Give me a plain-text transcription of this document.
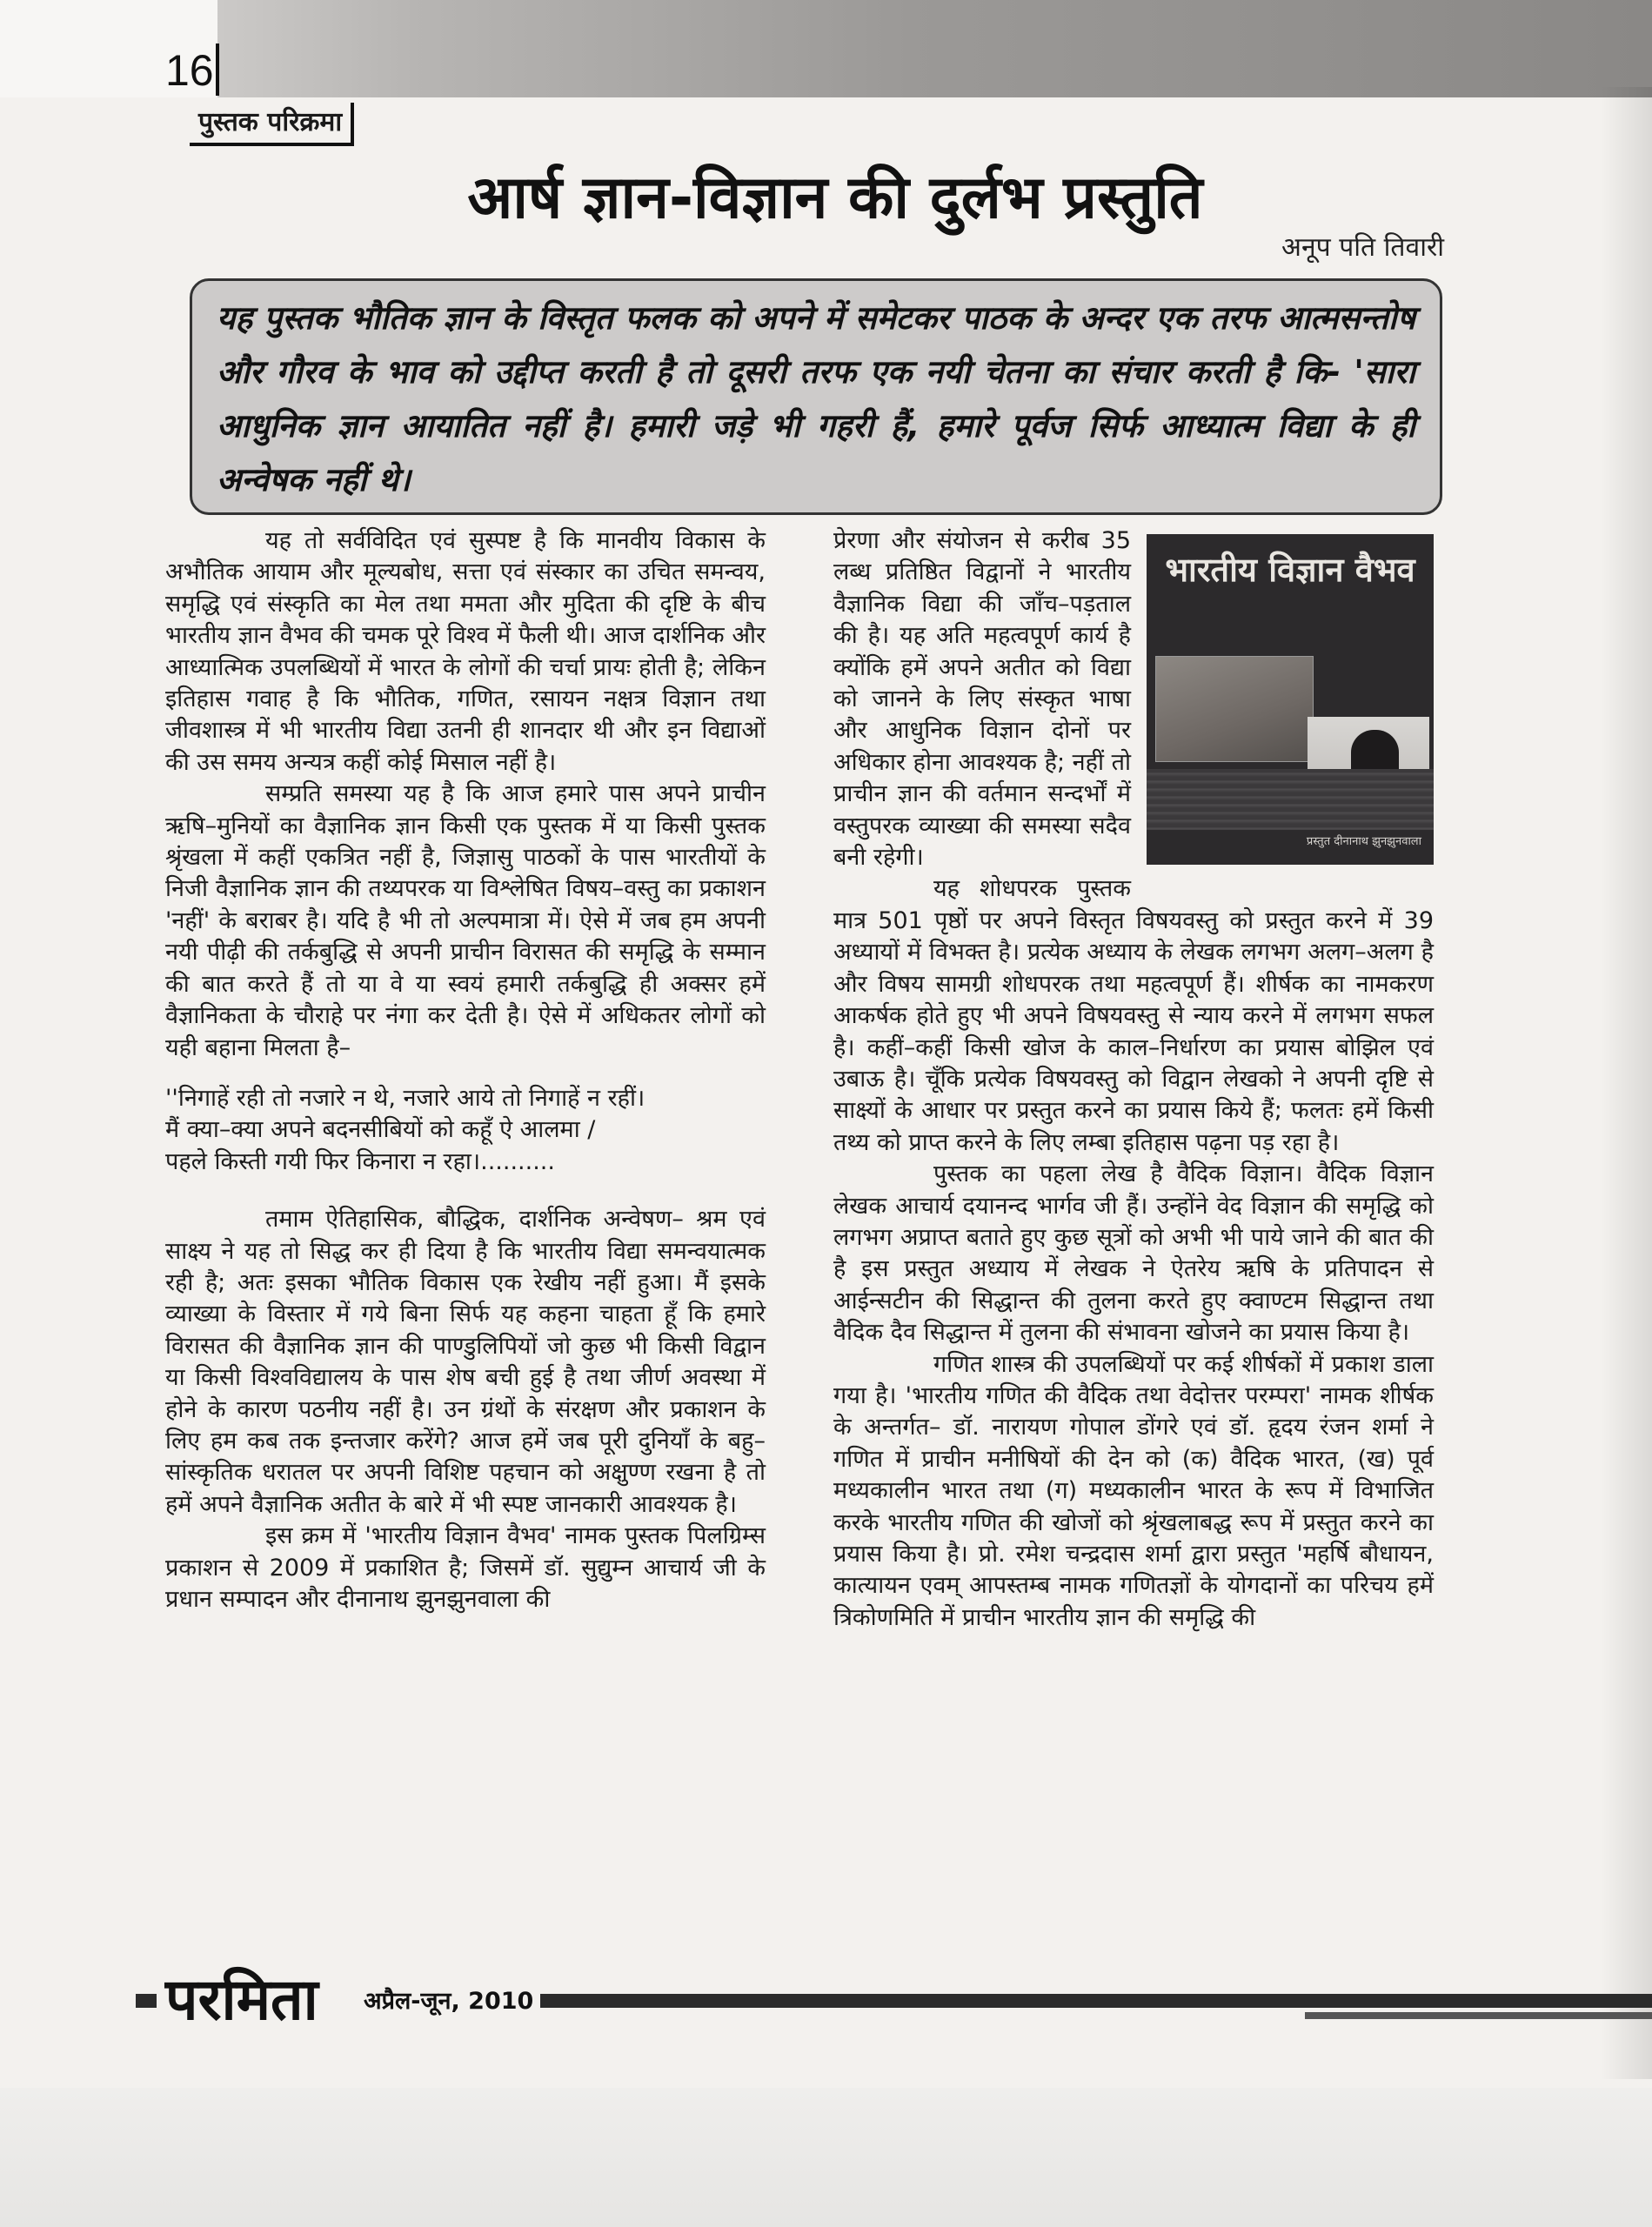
16
पुस्तक परिक्रमा
आर्ष ज्ञान-विज्ञान की दुर्लभ प्रस्तुति
अनूप पति तिवारी

यह पुस्तक भौतिक ज्ञान के विस्तृत फलक को अपने में समेटकर पाठक के अन्दर एक तरफ आत्मसन्तोष और गौरव के भाव को उद्दीप्त करती है तो दूसरी तरफ एक नयी चेतना का संचार करती है कि- 'सारा आधुनिक ज्ञान आयातित नहीं है। हमारी जड़े भी गहरी हैं, हमारे पूर्वज सिर्फ आध्यात्म विद्या के ही अन्वेषक नहीं थे।

यह तो सर्वविदित एवं सुस्पष्ट है कि मानवीय विकास के अभौतिक आयाम और मूल्यबोध, सत्ता एवं संस्कार का उचित समन्वय, समृद्धि एवं संस्कृति का मेल तथा ममता और मुदिता की दृष्टि के बीच भारतीय ज्ञान वैभव की चमक पूरे विश्व में फैली थी। आज दार्शनिक और आध्यात्मिक उपलब्धियों में भारत के लोगों की चर्चा प्रायः होती है; लेकिन इतिहास गवाह है कि भौतिक, गणित, रसायन नक्षत्र विज्ञान तथा जीवशास्त्र में भी भारतीय विद्या उतनी ही शानदार थी और इन विद्याओं की उस समय अन्यत्र कहीं कोई मिसाल नहीं है।

सम्प्रति समस्या यह है कि आज हमारे पास अपने प्राचीन ऋषि–मुनियों का वैज्ञानिक ज्ञान किसी एक पुस्तक में या किसी पुस्तक श्रृंखला में कहीं एकत्रित नहीं है, जिज्ञासु पाठकों के पास भारतीयों के निजी वैज्ञानिक ज्ञान की तथ्यपरक या विश्लेषित विषय–वस्तु का प्रकाशन 'नहीं' के बराबर है। यदि है भी तो अल्पमात्रा में। ऐसे में जब हम अपनी नयी पीढ़ी की तर्कबुद्धि से अपनी प्राचीन विरासत की समृद्धि के सम्मान की बात करते हैं तो या वे या स्वयं हमारी तर्कबुद्धि ही अक्सर हमें वैज्ञानिकता के चौराहे पर नंगा कर देती है। ऐसे में अधिकतर लोगों को यही बहाना मिलता है–

''निगाहें रही तो नजारे न थे, नजारे आये तो निगाहें न रहीं।
मैं क्या–क्या अपने बदनसीबियों को कहूँ ऐ आलमा /
पहले किस्ती गयी फिर किनारा न रहा।..........

तमाम ऐतिहासिक, बौद्धिक, दार्शनिक अन्वेषण– श्रम एवं साक्ष्य ने यह तो सिद्ध कर ही दिया है कि भारतीय विद्या समन्वयात्मक रही है; अतः इसका भौतिक विकास एक रेखीय नहीं हुआ। मैं इसके व्याख्या के विस्तार में गये बिना सिर्फ यह कहना चाहता हूँ कि हमारे विरासत की वैज्ञानिक ज्ञान की पाण्डुलिपियों जो कुछ भी किसी विद्वान या किसी विश्वविद्यालय के पास शेष बची हुई है तथा जीर्ण अवस्था में होने के कारण पठनीय नहीं है। उन ग्रंथों के संरक्षण और प्रकाशन के लिए हम कब तक इन्तजार करेंगे? आज हमें जब पूरी दुनियाँ के बहु–सांस्कृतिक धरातल पर अपनी विशिष्ट पहचान को अक्षुण्ण रखना है तो हमें अपने वैज्ञानिक अतीत के बारे में भी स्पष्ट जानकारी आवश्यक है।

इस क्रम में 'भारतीय विज्ञान वैभव' नामक पुस्तक पिलग्रिम्स प्रकाशन से 2009 में प्रकाशित है; जिसमें डॉ. सुद्युम्न आचार्य जी के प्रधान सम्पादन और दीनानाथ झुनझुनवाला की

भारतीय विज्ञान वैभव
प्रस्तुत दीनानाथ झुनझुनवाला

प्रेरणा और संयोजन से करीब 35 लब्ध प्रतिष्ठित विद्वानों ने भारतीय वैज्ञानिक विद्या की जाँच–पड़ताल की है। यह अति महत्वपूर्ण कार्य है क्योंकि हमें अपने अतीत को विद्या को जानने के लिए संस्कृत भाषा और आधुनिक विज्ञान दोनों पर अधिकार होना आवश्यक है; नहीं तो प्राचीन ज्ञान की वर्तमान सन्दर्भों में वस्तुपरक व्याख्या की समस्या सदैव बनी रहेगी।

यह शोधपरक पुस्तक मात्र 501 पृष्ठों पर अपने विस्तृत विषयवस्तु को प्रस्तुत करने में 39 अध्यायों में विभक्त है। प्रत्येक अध्याय के लेखक लगभग अलग–अलग है और विषय सामग्री शोधपरक तथा महत्वपूर्ण हैं। शीर्षक का नामकरण आकर्षक होते हुए भी अपने विषयवस्तु से न्याय करने में लगभग सफल है। कहीं–कहीं किसी खोज के काल–निर्धारण का प्रयास बोझिल एवं उबाऊ है। चूँकि प्रत्येक विषयवस्तु को विद्वान लेखको ने अपनी दृष्टि से साक्ष्यों के आधार पर प्रस्तुत करने का प्रयास किये हैं; फलतः हमें किसी तथ्य को प्राप्त करने के लिए लम्बा इतिहास पढ़ना पड़ रहा है।

पुस्तक का पहला लेख है वैदिक विज्ञान। वैदिक विज्ञान लेखक आचार्य दयानन्द भार्गव जी हैं। उन्होंने वेद विज्ञान की समृद्धि को लगभग अप्राप्त बताते हुए कुछ सूत्रों को अभी भी पाये जाने की बात की है इस प्रस्तुत अध्याय में लेखक ने ऐतरेय ऋषि के प्रतिपादन से आईन्सटीन की सिद्धान्त की तुलना करते हुए क्वाण्टम सिद्धान्त तथा वैदिक दैव सिद्धान्त में तुलना की संभावना खोजने का प्रयास किया है।

गणित शास्त्र की उपलब्धियों पर कई शीर्षकों में प्रकाश डाला गया है। 'भारतीय गणित की वैदिक तथा वेदोत्तर परम्परा' नामक शीर्षक के अन्तर्गत– डॉ. नारायण गोपाल डोंगरे एवं डॉ. हृदय रंजन शर्मा ने गणित में प्राचीन मनीषियों की देन को (क) वैदिक भारत, (ख) पूर्व मध्यकालीन भारत तथा (ग) मध्यकालीन भारत के रूप में विभाजित करके भारतीय गणित की खोजों को श्रृंखलाबद्ध रूप में प्रस्तुत करने का प्रयास किया है। प्रो. रमेश चन्द्रदास शर्मा द्वारा प्रस्तुत 'महर्षि बौधायन, कात्यायन एवम् आपस्तम्ब नामक गणितज्ञों के योगदानों का परिचय हमें त्रिकोणमिति में प्राचीन भारतीय ज्ञान की समृद्धि की

परमिता	अप्रैल-जून, 2010
